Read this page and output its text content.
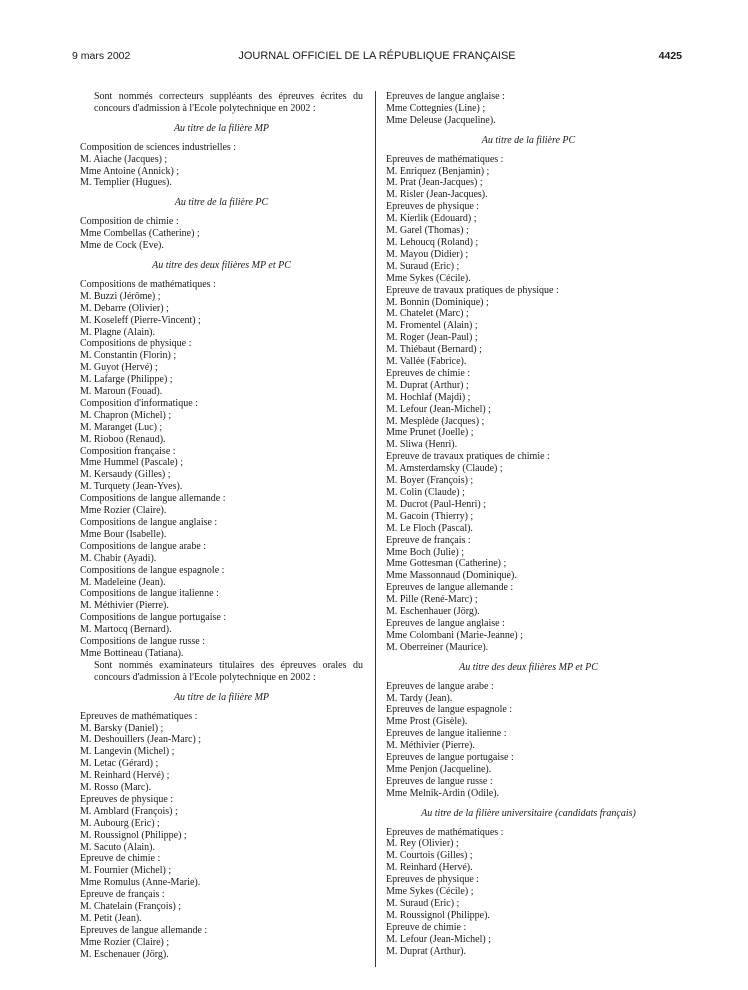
9 mars 2002	JOURNAL OFFICIEL DE LA RÉPUBLIQUE FRANÇAISE	4425

Sont nommés correcteurs suppléants des épreuves écrites du
concours d'admission à l'Ecole polytechnique en 2002 :

Au titre de la filière MP
Composition de sciences industrielles :
M. Aiache (Jacques) ;
Mme Antoine (Annick) ;
M. Templier (Hugues).
Au titre de la filière PC
Composition de chimie :
Mme Combellas (Catherine) ;
Mme de Cock (Eve).
Au titre des deux filières MP et PC
Compositions de mathématiques :
M. Buzzi (Jérôme) ;
M. Debarre (Olivier) ;
M. Koseleff (Pierre-Vincent) ;
M. Plagne (Alain).
Compositions de physique :
M. Constantin (Florin) ;
M. Guyot (Hervé) ;
M. Lafarge (Philippe) ;
M. Maroun (Fouad).
Composition d'informatique :
M. Chapron (Michel) ;
M. Maranget (Luc) ;
M. Rioboo (Renaud).
Composition française :
Mme Hummel (Pascale) ;
M. Kersaudy (Gilles) ;
M. Turquety (Jean-Yves).
Compositions de langue allemande :
Mme Rozier (Claire).
Compositions de langue anglaise :
Mme Bour (Isabelle).
Compositions de langue arabe :
M. Chabir (Ayadi).
Compositions de langue espagnole :
M. Madeleine (Jean).
Compositions de langue italienne :
M. Méthivier (Pierre).
Compositions de langue portugaise :
M. Martocq (Bernard).
Compositions de langue russe :
Mme Bottineau (Tatiana).

Sont nommés examinateurs titulaires des épreuves orales du
concours d'admission à l'Ecole polytechnique en 2002 :

Au titre de la filière MP
Epreuves de mathématiques :
M. Barsky (Daniel) ;
M. Deshouillers (Jean-Marc) ;
M. Langevin (Michel) ;
M. Letac (Gérard) ;
M. Reinhard (Hervé) ;
M. Rosso (Marc).
Epreuves de physique :
M. Amblard (François) ;
M. Aubourg (Eric) ;
M. Roussignol (Philippe) ;
M. Sacuto (Alain).
Epreuve de chimie :
M. Fournier (Michel) ;
Mme Romulus (Anne-Marie).
Epreuve de français :
M. Chatelain (François) ;
M. Petit (Jean).
Epreuves de langue allemande :
Mme Rozier (Claire) ;
M. Eschenauer (Jörg).
Epreuves de langue anglaise :
Mme Cottegnies (Line) ;
Mme Deleuse (Jacqueline).
Au titre de la filière PC
Epreuves de mathématiques :
M. Enriquez (Benjamin) ;
M. Prat (Jean-Jacques) ;
M. Risler (Jean-Jacques).
Epreuves de physique :
M. Kierlik (Edouard) ;
M. Garel (Thomas) ;
M. Lehoucq (Roland) ;
M. Mayou (Didier) ;
M. Suraud (Eric) ;
Mme Sykes (Cécile).
Epreuve de travaux pratiques de physique :
M. Bonnin (Dominique) ;
M. Chatelet (Marc) ;
M. Fromentel (Alain) ;
M. Roger (Jean-Paul) ;
M. Thiébaut (Bernard) ;
M. Vallée (Fabrice).
Epreuves de chimie :
M. Duprat (Arthur) ;
M. Hochlaf (Majdi) ;
M. Lefour (Jean-Michel) ;
M. Mesplède (Jacques) ;
Mme Prunet (Joelle) ;
M. Sliwa (Henri).
Epreuve de travaux pratiques de chimie :
M. Amsterdamsky (Claude) ;
M. Boyer (François) ;
M. Colin (Claude) ;
M. Ducrot (Paul-Henri) ;
M. Gacoin (Thierry) ;
M. Le Floch (Pascal).
Epreuve de français :
Mme Boch (Julie) ;
Mme Gottesman (Catherine) ;
Mme Massonnaud (Dominique).
Epreuves de langue allemande :
M. Pille (René-Marc) ;
M. Eschenhauer (Jörg).
Epreuves de langue anglaise :
Mme Colombani (Marie-Jeanne) ;
M. Oberreiner (Maurice).
Au titre des deux filières MP et PC
Epreuves de langue arabe :
M. Tardy (Jean).
Epreuves de langue espagnole :
Mme Prost (Gisèle).
Epreuves de langue italienne :
M. Méthivier (Pierre).
Epreuves de langue portugaise :
Mme Penjon (Jacqueline).
Epreuves de langue russe :
Mme Melnik-Ardin (Odile).
Au titre de la filière universitaire (candidats français)
Epreuves de mathématiques :
M. Rey (Olivier) ;
M. Courtois (Gilles) ;
M. Reinhard (Hervé).
Epreuves de physique :
Mme Sykes (Cécile) ;
M. Suraud (Eric) ;
M. Roussignol (Philippe).
Epreuve de chimie :
M. Lefour (Jean-Michel) ;
M. Duprat (Arthur).
